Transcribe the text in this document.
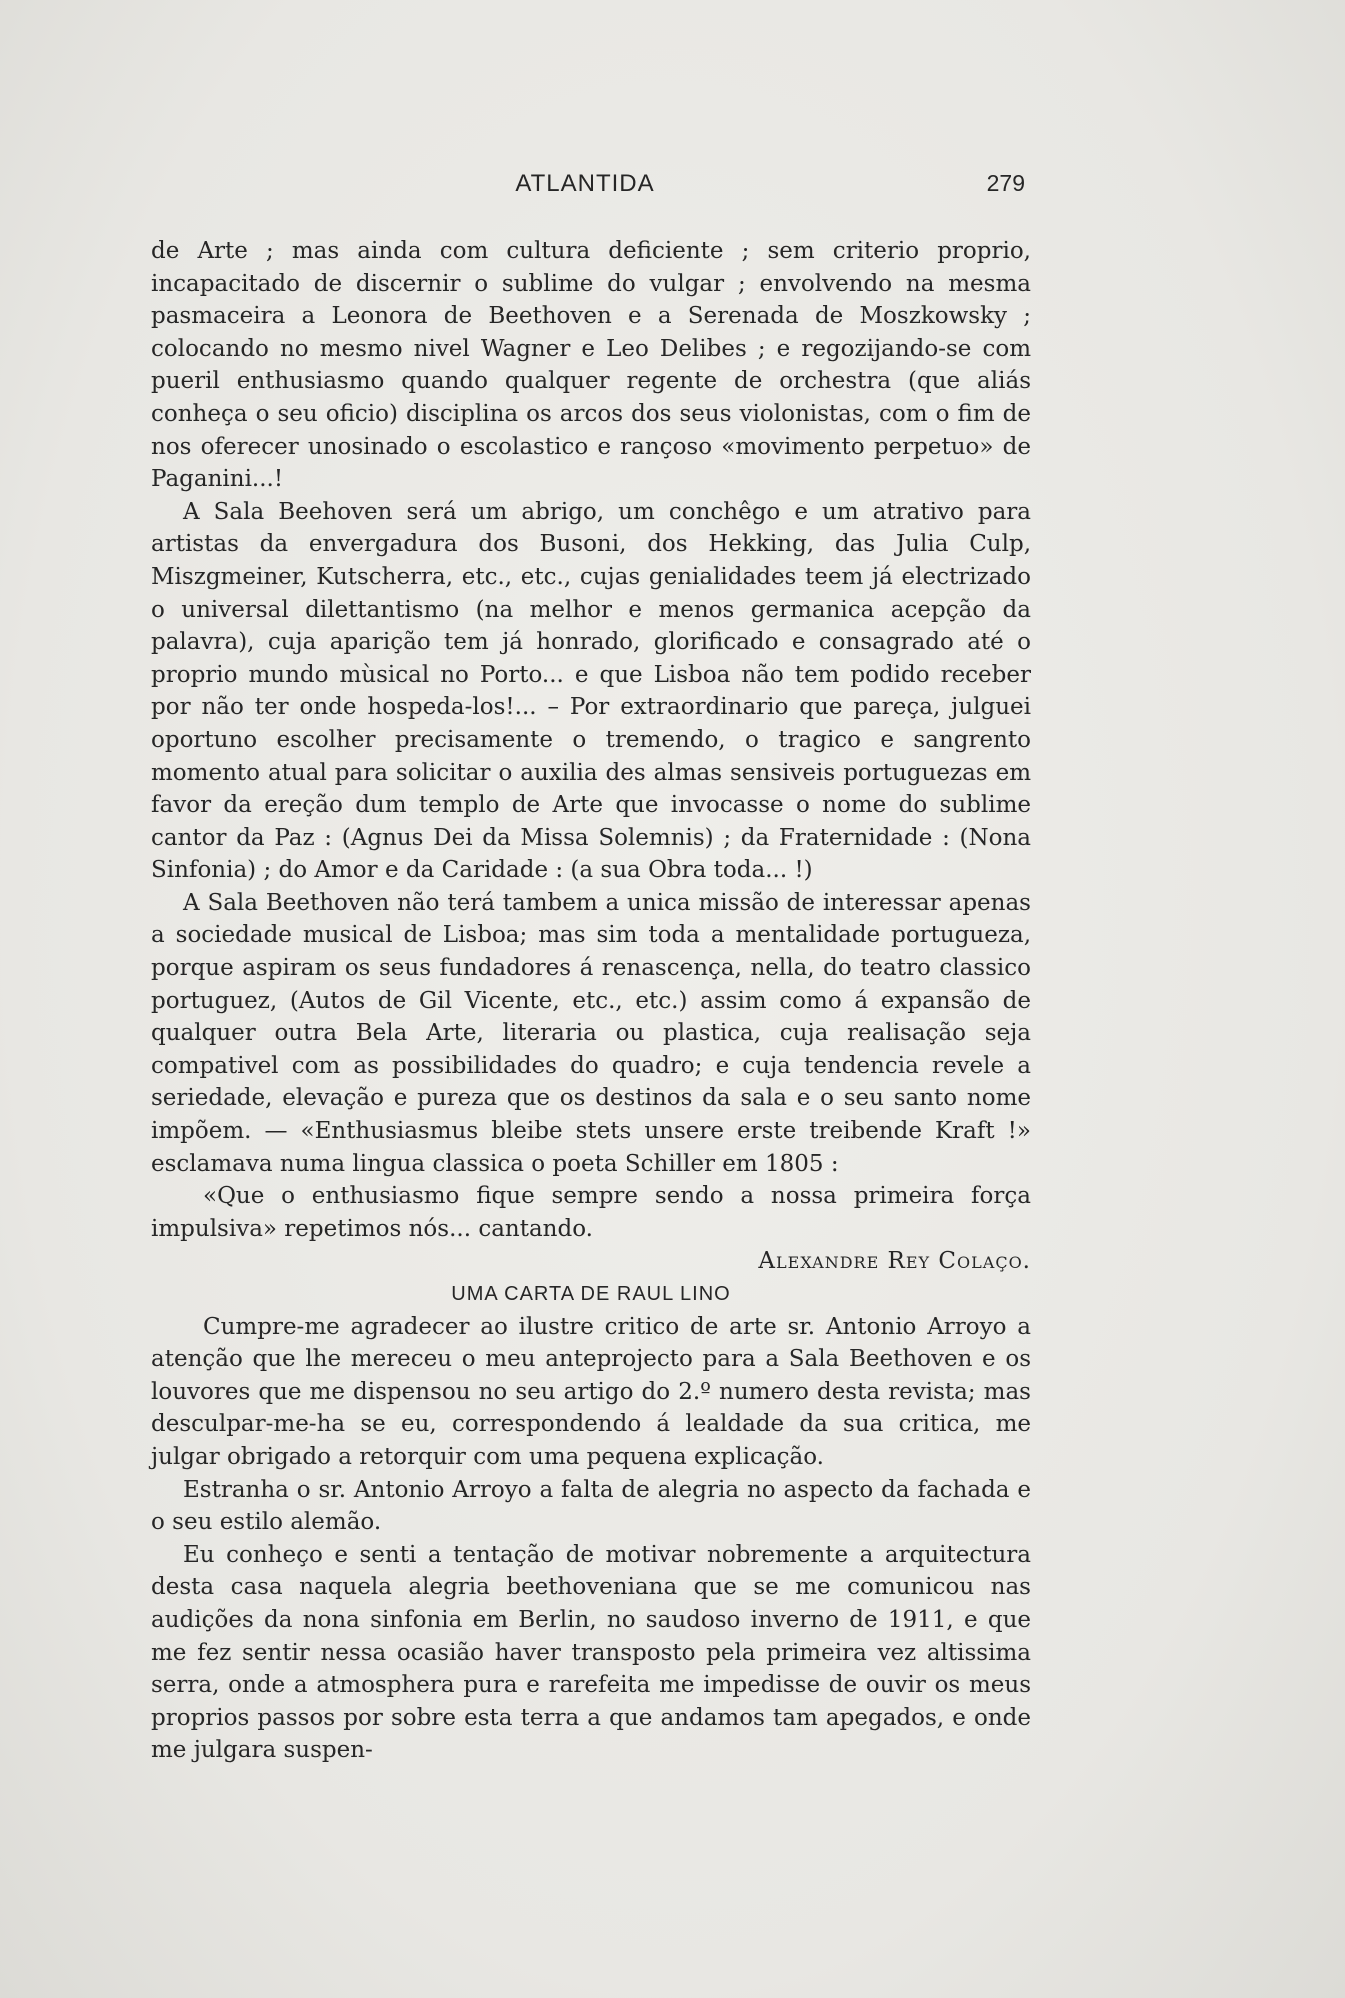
ATLANTIDA	279

de Arte ; mas ainda com cultura deficiente ; sem criterio proprio, incapacitado de discernir o sublime do vulgar ; envolvendo na mesma pasmaceira a Leonora de Beethoven e a Serenada de Moszkowsky ; colocando no mesmo nivel Wagner e Leo Delibes ; e regozijando-se com pueril enthusiasmo quando qualquer regente de orchestra (que aliás conheça o seu oficio) disciplina os arcos dos seus violonistas, com o fim de nos oferecer unosinado o escolastico e rançoso «movimento perpetuo» de Paganini...!

A Sala Beehoven será um abrigo, um conchêgo e um atrativo para artistas da envergadura dos Busoni, dos Hekking, das Julia Culp, Miszgmeiner, Kutscherra, etc., etc., cujas genialidades teem já electrizado o universal dilettantismo (na melhor e menos germanica acepção da palavra), cuja aparição tem já honrado, glorificado e consagrado até o proprio mundo mùsical no Porto... e que Lisboa não tem podido receber por não ter onde hospeda-los!... – Por extraordinario que pareça, julguei oportuno escolher precisamente o tremendo, o tragico e sangrento momento atual para solicitar o auxilia des almas sensiveis portuguezas em favor da ereção dum templo de Arte que invocasse o nome do sublime cantor da Paz : (Agnus Dei da Missa Solemnis) ; da Fraternidade : (Nona Sinfonia) ; do Amor e da Caridade : (a sua Obra toda... !)

A Sala Beethoven não terá tambem a unica missão de interessar apenas a sociedade musical de Lisboa; mas sim toda a mentalidade portugueza, porque aspiram os seus fundadores á renascença, nella, do teatro classico portuguez, (Autos de Gil Vicente, etc., etc.) assim como á expansão de qualquer outra Bela Arte, literaria ou plastica, cuja realisação seja compativel com as possibilidades do quadro; e cuja tendencia revele a seriedade, elevação e pureza que os destinos da sala e o seu santo nome impõem. — «Enthusiasmus bleibe stets unsere erste treibende Kraft !» esclamava numa lingua classica o poeta Schiller em 1805 :

«Que o enthusiasmo fique sempre sendo a nossa primeira força impulsiva» repetimos nós... cantando.

Alexandre Rey Colaço.

UMA CARTA DE RAUL LINO

Cumpre-me agradecer ao ilustre critico de arte sr. Antonio Arroyo a atenção que lhe mereceu o meu anteprojecto para a Sala Beethoven e os louvores que me dispensou no seu artigo do 2.º numero desta revista; mas desculpar-me-ha se eu, correspondendo á lealdade da sua critica, me julgar obrigado a retorquir com uma pequena explicação.

Estranha o sr. Antonio Arroyo a falta de alegria no aspecto da fachada e o seu estilo alemão.

Eu conheço e senti a tentação de motivar nobremente a arquitectura desta casa naquela alegria beethoveniana que se me comunicou nas audições da nona sinfonia em Berlin, no saudoso inverno de 1911, e que me fez sentir nessa ocasião haver transposto pela primeira vez altissima serra, onde a atmosphera pura e rarefeita me impedisse de ouvir os meus proprios passos por sobre esta terra a que andamos tam apegados, e onde me julgara suspen-
